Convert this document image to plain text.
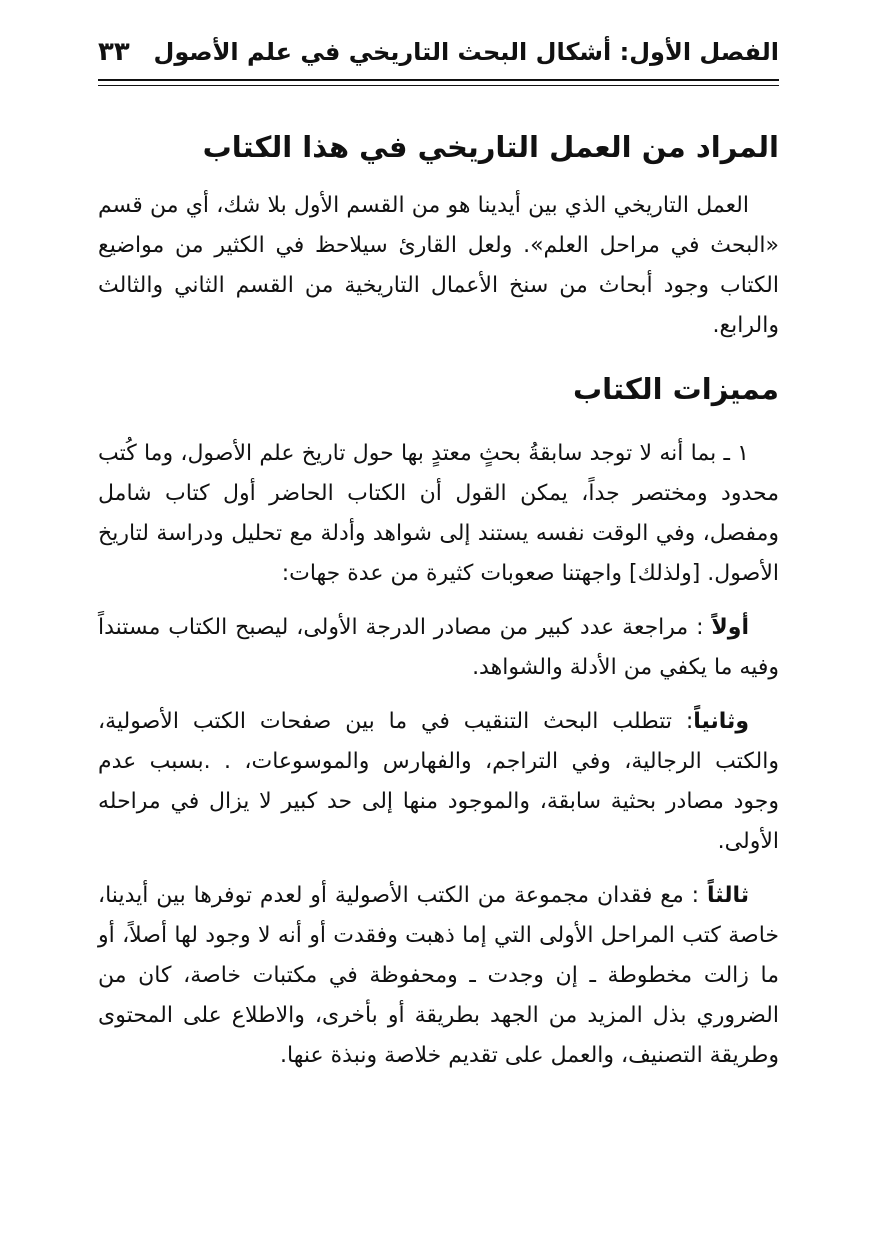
الفصل الأول: أشكال البحث التاريخي في علم الأصول
٣٣
المراد من العمل التاريخي في هذا الكتاب

العمل التاريخي الذي بين أيدينا هو من القسم الأول بلا شك، أي من قسم «البحث في مراحل العلم». ولعل القارئ سيلاحظ في الكثير من مواضيع الكتاب وجود أبحاث من سنخ الأعمال التاريخية من القسم الثاني والثالث والرابع.

مميزات الكتاب

١ ـ بما أنه لا توجد سابقةُ بحثٍ معتدٍ بها حول تاريخ علم الأصول، وما كُتب محدود ومختصر جداً، يمكن القول أن الكتاب الحاضر أول كتاب شامل ومفصل، وفي الوقت نفسه يستند إلى شواهد وأدلة مع تحليل ودراسة لتاريخ الأصول. [ولذلك] واجهتنا صعوبات كثيرة من عدة جهات:

أولاً : مراجعة عدد كبير من مصادر الدرجة الأولى، ليصبح الكتاب مستنداً وفيه ما يكفي من الأدلة والشواهد.

وثانياً: تتطلب البحث التنقيب في ما بين صفحات الكتب الأصولية، والكتب الرجالية، وفي التراجم، والفهارس والموسوعات، . .بسبب عدم وجود مصادر بحثية سابقة، والموجود منها إلى حد كبير لا يزال في مراحله الأولى.

ثالثاً : مع فقدان مجموعة من الكتب الأصولية أو لعدم توفرها بين أيدينا، خاصة كتب المراحل الأولى التي إما ذهبت وفقدت أو أنه لا وجود لها أصلاً، أو ما زالت مخطوطة ـ إن وجدت ـ ومحفوظة في مكتبات خاصة، كان من الضروري بذل المزيد من الجهد بطريقة أو بأخرى، والاطلاع على المحتوى وطريقة التصنيف، والعمل على تقديم خلاصة ونبذة عنها.
